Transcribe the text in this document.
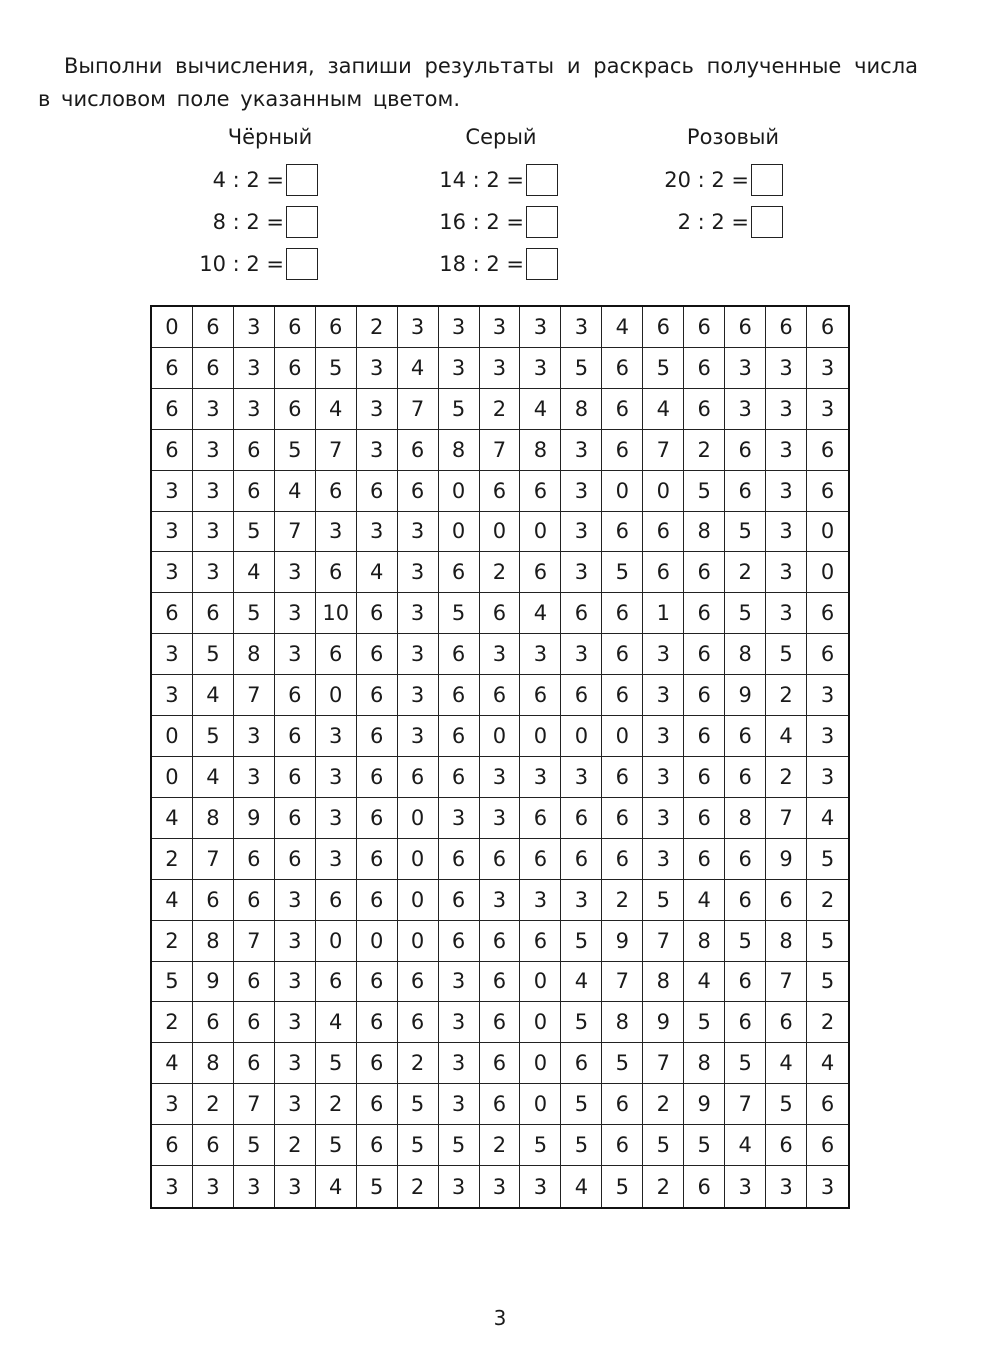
Выполни вычисления, запиши результаты и раскрась полученные числа
в числовом поле указанным цветом.
Чёрный
4 : 2 =
8 : 2 =
10 : 2 =
Серый
14 : 2 =
16 : 2 =
18 : 2 =
Розовый
20 : 2 =
2 : 2 =
0	6	3	6	6	2	3	3	3	3	3	4	6	6	6	6	6
6	6	3	6	5	3	4	3	3	3	5	6	5	6	3	3	3
6	3	3	6	4	3	7	5	2	4	8	6	4	6	3	3	3
6	3	6	5	7	3	6	8	7	8	3	6	7	2	6	3	6
3	3	6	4	6	6	6	0	6	6	3	0	0	5	6	3	6
3	3	5	7	3	3	3	0	0	0	3	6	6	8	5	3	0
3	3	4	3	6	4	3	6	2	6	3	5	6	6	2	3	0
6	6	5	3 10 6	3	5	6	4	6	6	1	6	5	3	6
3	5	8	3	6	6	3	6	3	3	3	6	3	6	8	5	6
3	4	7	6	0	6	3	6	6	6	6	6	3	6	9	2	3
0	5	3	6	3	6	3	6	0	0	0	0	3	6	6	4	3
0	4	3	6	3	6	6	6	3	3	3	6	3	6	6	2	3
4	8	9	6	3	6	0	3	3	6	6	6	3	6	8	7	4
2	7	6	6	3	6	0	6	6	6	6	6	3	6	6	9	5
4	6	6	3	6	6	0	6	3	3	3	2	5	4	6	6	2
2	8	7	3	0	0	0	6	6	6	5	9	7	8	5	8	5
5	9	6	3	6	6	6	3	6	0	4	7	8	4	6	7	5
2	6	6	3	4	6	6	3	6	0	5	8	9	5	6	6	2
4	8	6	3	5	6	2	3	6	0	6	5	7	8	5	4	4
3	2	7	3	2	6	5	3	6	0	5	6	2	9	7	5	6
6	6	5	2	5	6	5	5	2	5	5	6	5	5	4	6	6
3	3	3	3	4	5	2	3	3	3	4	5	2	6	3	3	3
3
